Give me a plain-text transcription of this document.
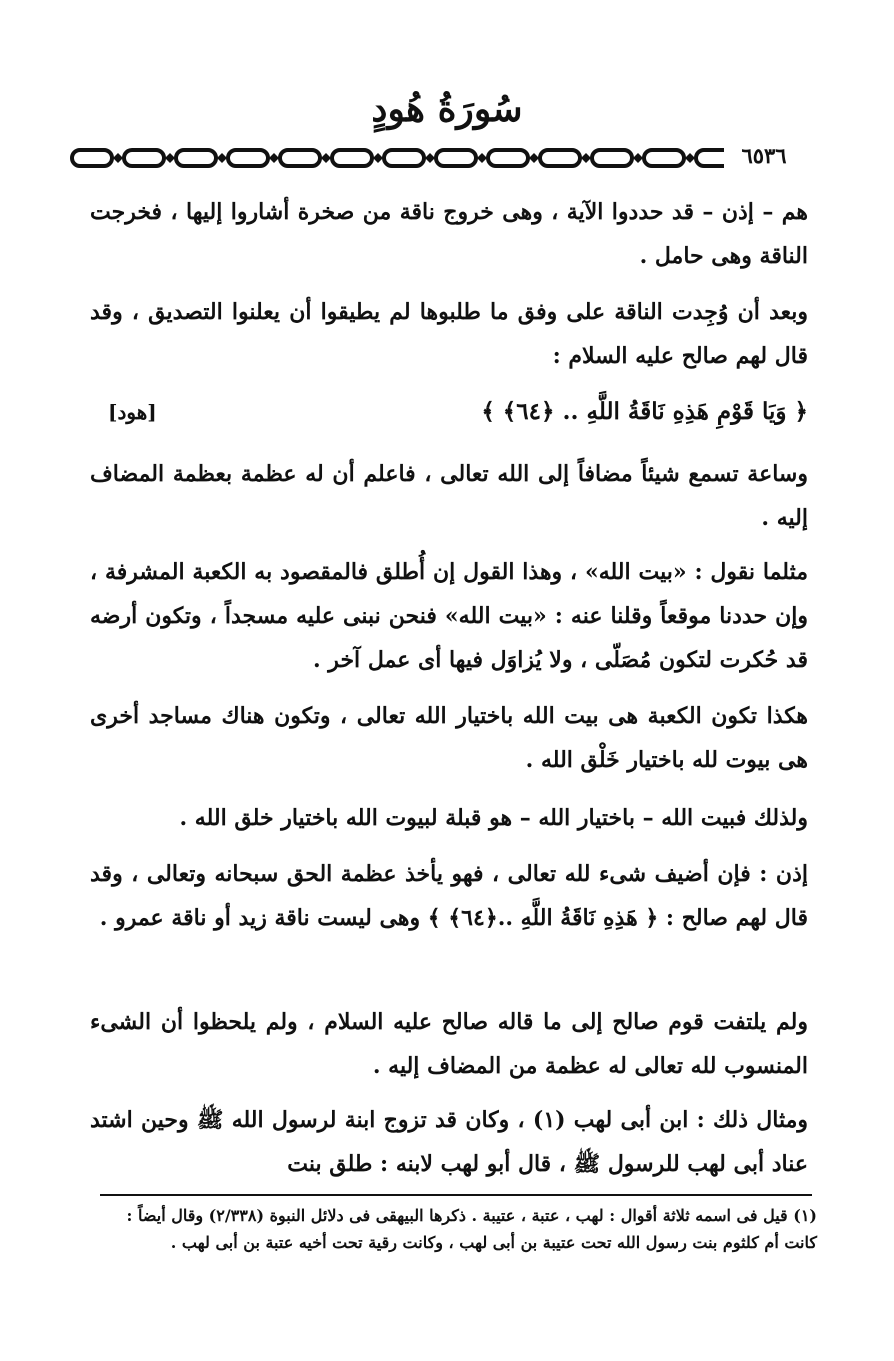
سُورَةُ هُودٍ
٦٥٣٦

هم – إذن – قد حددوا الآية ، وهى خروج ناقة من صخرة أشاروا إليها ، فخرجت الناقة وهى حامل .

وبعد أن وُجِدت الناقة على وفق ما طلبوها لم يطيقوا أن يعلنوا التصديق ، وقد قال لهم صالح عليه السلام :

﴿ وَيَا قَوْمِ هَذِهِ نَاقَةُ اللَّهِ .. ﴿٦٤﴾ ﴾
[هود]

وساعة تسمع شيئاً مضافاً إلى الله تعالى ، فاعلم أن له عظمة بعظمة المضاف إليه .

مثلما نقول : «بيت الله» ، وهذا القول إن أُطلق فالمقصود به الكعبة المشرفة ، وإن حددنا موقعاً وقلنا عنه : «بيت الله» فنحن نبنى عليه مسجداً ، وتكون أرضه قد حُكرت لتكون مُصَلّى ، ولا يُزاوَل فيها أى عمل آخر .

هكذا تكون الكعبة هى بيت الله باختيار الله تعالى ، وتكون هناك مساجد أخرى هى بيوت لله باختيار خَلْق الله .

ولذلك فبيت الله – باختيار الله – هو قبلة لبيوت الله باختيار خلق الله .

إذن : فإن أضيف شىء لله تعالى ، فهو يأخذ عظمة الحق سبحانه وتعالى ، وقد قال لهم صالح : ﴿ هَذِهِ نَاقَةُ اللَّهِ ..﴿٦٤﴾ ﴾ وهى ليست ناقة زيد أو ناقة عمرو .

ولم يلتفت قوم صالح إلى ما قاله صالح عليه السلام ، ولم يلحظوا أن الشىء المنسوب لله تعالى له عظمة من المضاف إليه .

ومثال ذلك : ابن أبى لهب (١) ، وكان قد تزوج ابنة لرسول الله ﷺ وحين اشتد عناد أبى لهب للرسول ﷺ ، قال أبو لهب لابنه : طلق بنت

(١) قيل فى اسمه ثلاثة أقوال : لهب ، عتبة ، عتيبة . ذكرها البيهقى فى دلائل النبوة (٢/٣٣٨) وقال أيضاً :

كانت أم كلثوم بنت رسول الله تحت عتيبة بن أبى لهب ، وكانت رقية تحت أخيه عتبة بن أبى لهب .
